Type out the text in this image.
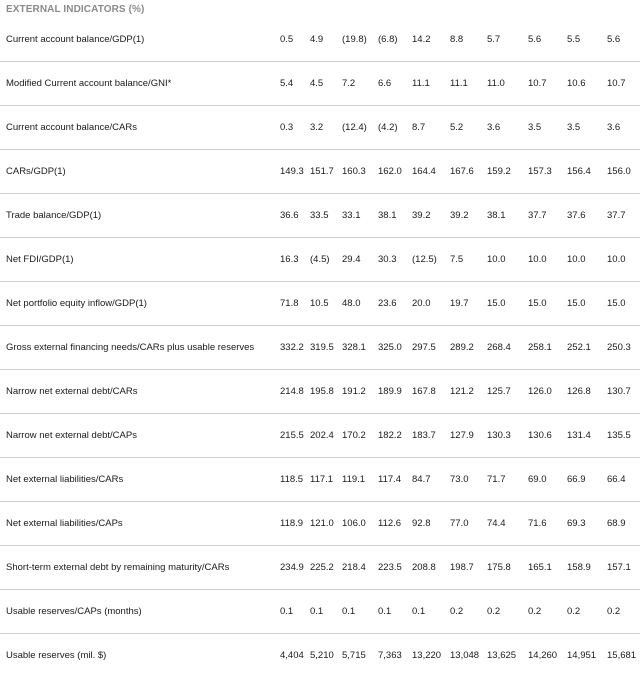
EXTERNAL INDICATORS (%)
Current account balance/GDP(1)	0.5	4.9	(19.8)	(6.8)	14.2	8.8	5.7	5.6	5.5	5.6
Modified Current account balance/GNI*	5.4	4.5	7.2	6.6	11.1	11.1	11.0	10.7	10.6	10.7
Current account balance/CARs	0.3	3.2	(12.4)	(4.2)	8.7	5.2	3.6	3.5	3.5	3.6
CARs/GDP(1)	149.3	151.7	160.3	162.0	164.4	167.6	159.2	157.3	156.4	156.0
Trade balance/GDP(1)	36.6	33.5	33.1	38.1	39.2	39.2	38.1	37.7	37.6	37.7
Net FDI/GDP(1)	16.3	(4.5)	29.4	30.3	(12.5)	7.5	10.0	10.0	10.0	10.0
Net portfolio equity inflow/GDP(1)	71.8	10.5	48.0	23.6	20.0	19.7	15.0	15.0	15.0	15.0
Gross external financing needs/CARs plus usable reserves	332.2	319.5	328.1	325.0	297.5	289.2	268.4	258.1	252.1	250.3
Narrow net external debt/CARs	214.8	195.8	191.2	189.9	167.8	121.2	125.7	126.0	126.8	130.7
Narrow net external debt/CAPs	215.5	202.4	170.2	182.2	183.7	127.9	130.3	130.6	131.4	135.5
Net external liabilities/CARs	118.5	117.1	119.1	117.4	84.7	73.0	71.7	69.0	66.9	66.4
Net external liabilities/CAPs	118.9	121.0	106.0	112.6	92.8	77.0	74.4	71.6	69.3	68.9
Short-term external debt by remaining maturity/CARs	234.9	225.2	218.4	223.5	208.8	198.7	175.8	165.1	158.9	157.1
Usable reserves/CAPs (months)	0.1	0.1	0.1	0.1	0.1	0.2	0.2	0.2	0.2	0.2
Usable reserves (mil. $)	4,404	5,210	5,715	7,363	13,220	13,048	13,625	14,260	14,951	15,681
